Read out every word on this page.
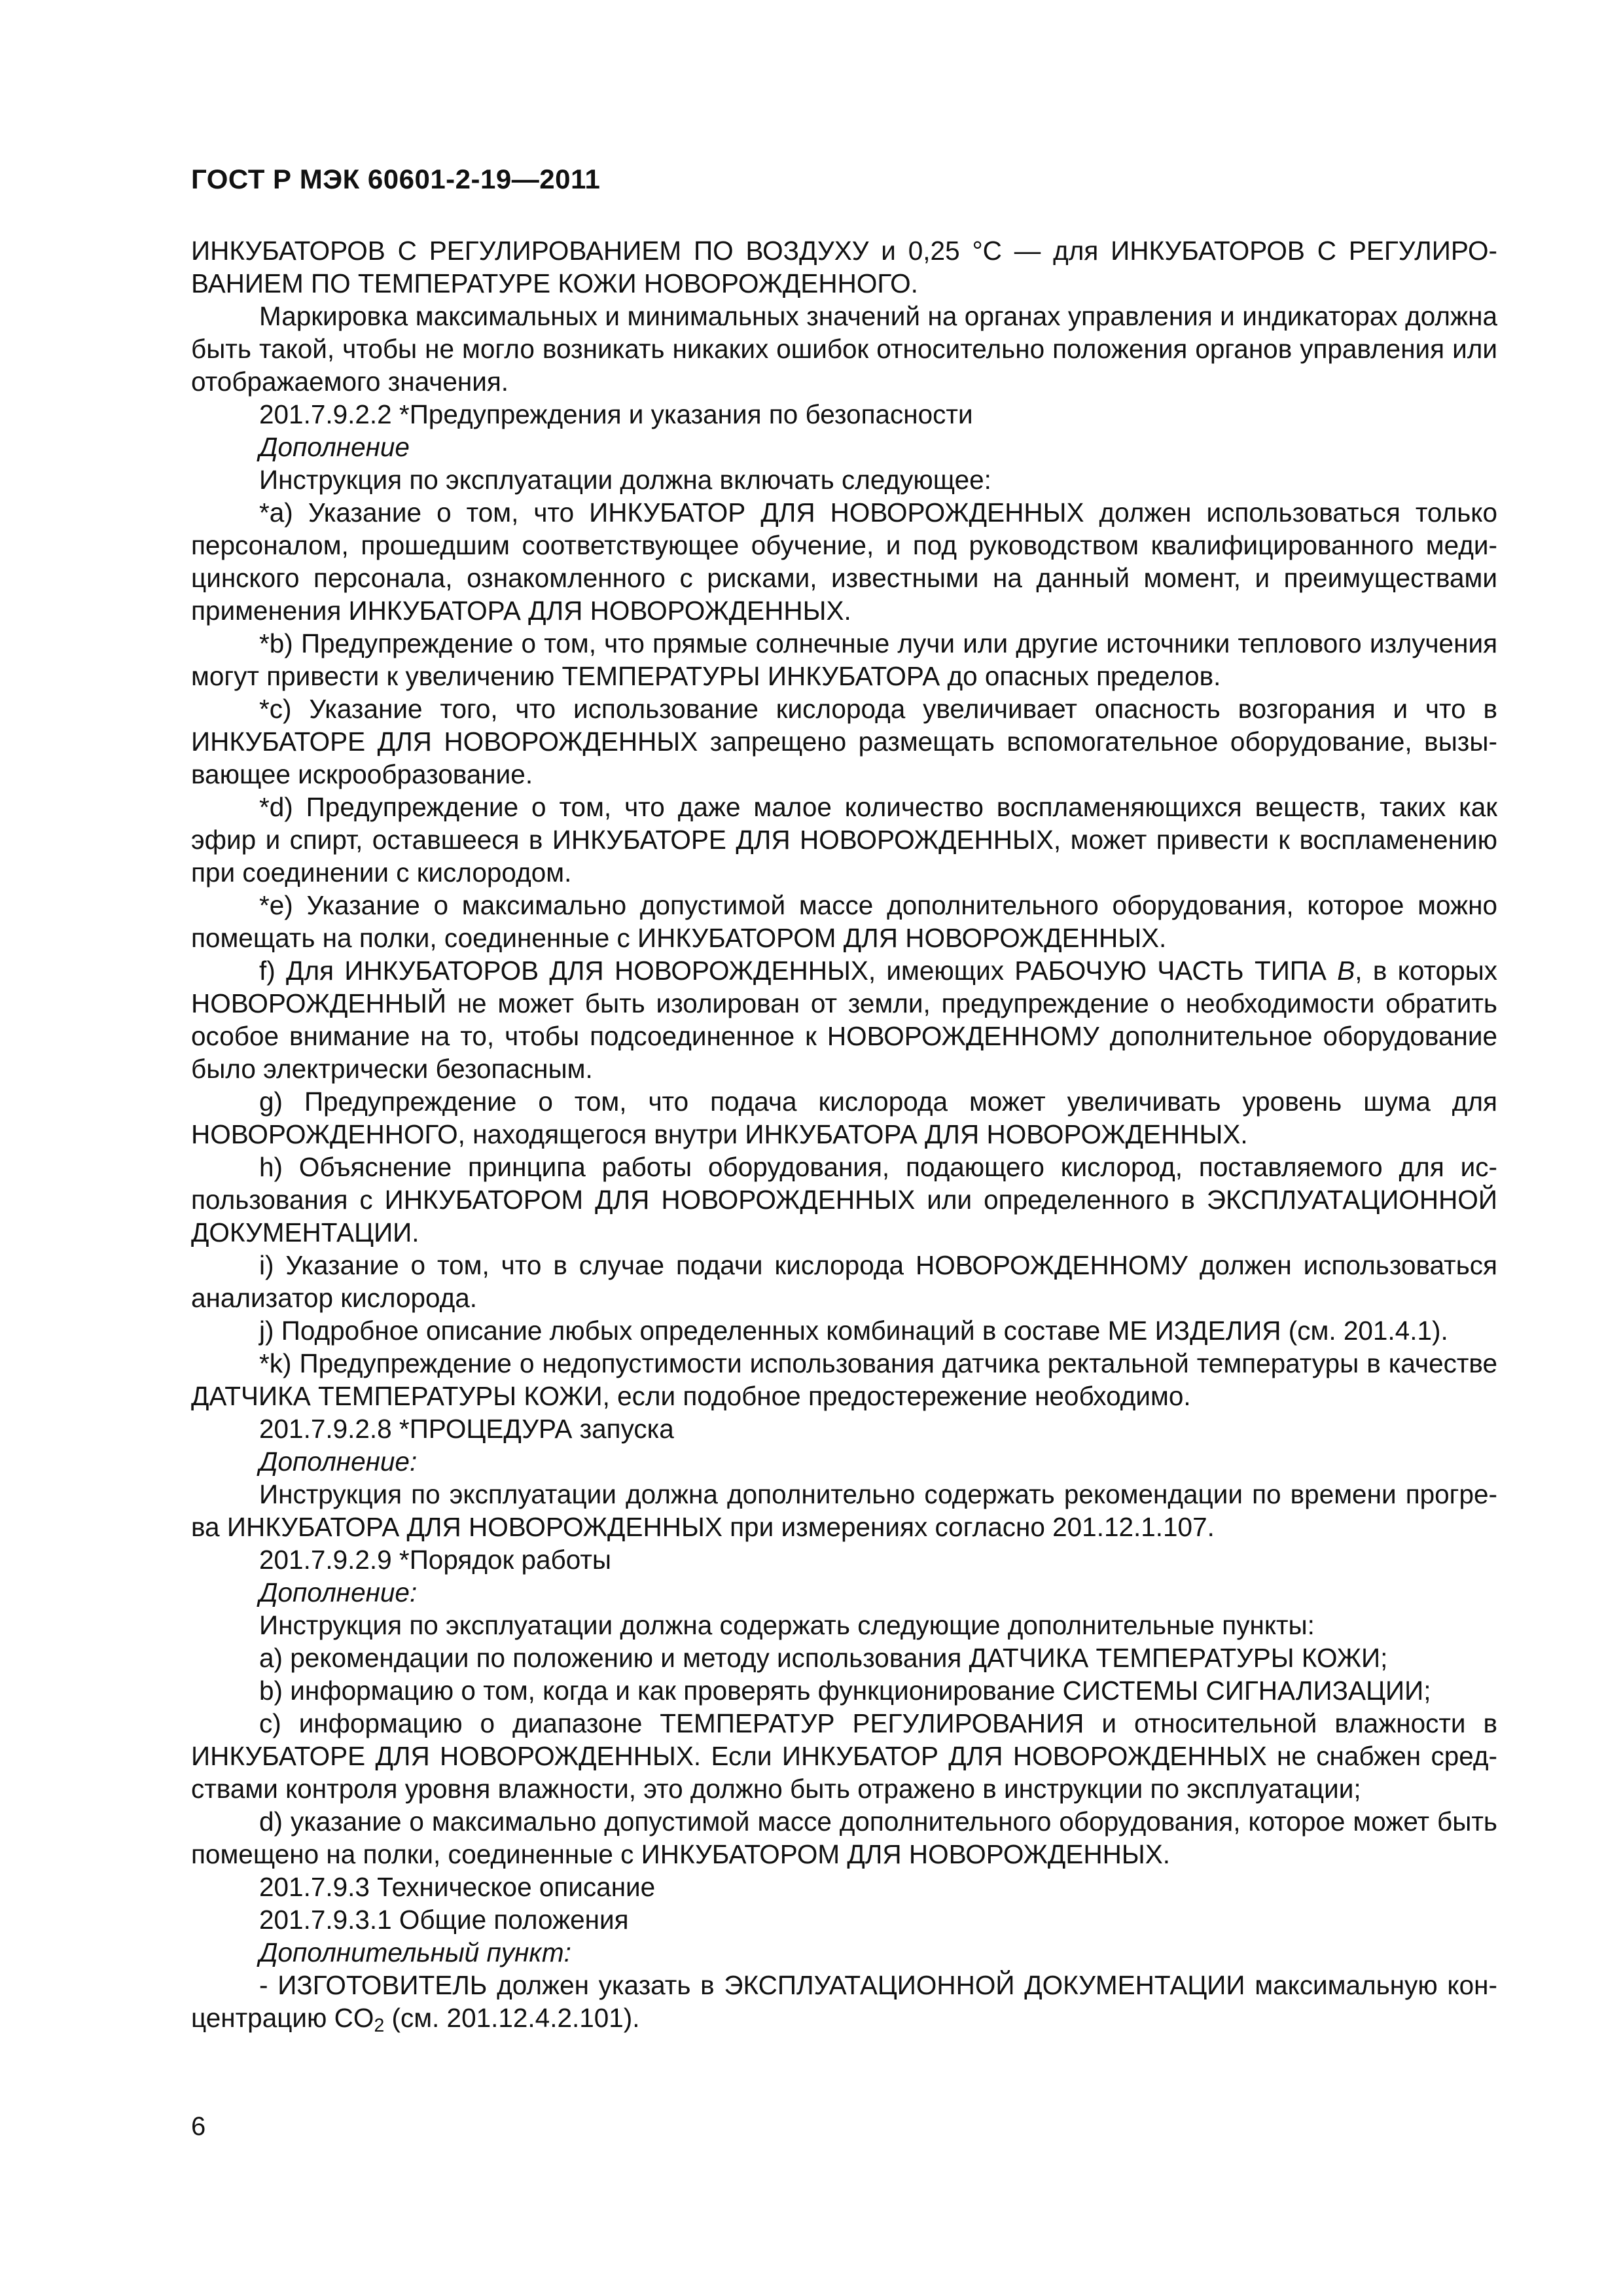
ГОСТ Р МЭК 60601-2-19—2011

ИНКУБАТОРОВ С РЕГУЛИРОВАНИЕМ ПО ВОЗДУХУ и 0,25 °С — для ИНКУБАТОРОВ С РЕГУЛИРОВАНИЕМ ПО ТЕМПЕРАТУРЕ КОЖИ НОВОРОЖДЕННОГО.

Маркировка максимальных и минимальных значений на органах управления и индикаторах должна быть такой, чтобы не могло возникать никаких ошибок относительно положения органов управления или отображаемого значения.

201.7.9.2.2 *Предупреждения и указания по безопасности

Дополнение

Инструкция по эксплуатации должна включать следующее:

*a) Указание о том, что ИНКУБАТОР ДЛЯ НОВОРОЖДЕННЫХ должен использоваться только персоналом, прошедшим соответствующее обучение, и под руководством квалифицированного медицинского персонала, ознакомленного с рисками, известными на данный момент, и преимуществами применения ИНКУБАТОРА ДЛЯ НОВОРОЖДЕННЫХ.

*b) Предупреждение о том, что прямые солнечные лучи или другие источники теплового излучения могут привести к увеличению ТЕМПЕРАТУРЫ ИНКУБАТОРА до опасных пределов.

*c) Указание того, что использование кислорода увеличивает опасность возгорания и что в ИНКУБАТОРЕ ДЛЯ НОВОРОЖДЕННЫХ запрещено размещать вспомогательное оборудование, вызывающее искрообразование.

*d) Предупреждение о том, что даже малое количество воспламеняющихся веществ, таких как эфир и спирт, оставшееся в ИНКУБАТОРЕ ДЛЯ НОВОРОЖДЕННЫХ, может привести к воспламенению при соединении с кислородом.

*e) Указание о максимально допустимой массе дополнительного оборудования, которое можно помещать на полки, соединенные с ИНКУБАТОРОМ ДЛЯ НОВОРОЖДЕННЫХ.

f) Для ИНКУБАТОРОВ ДЛЯ НОВОРОЖДЕННЫХ, имеющих РАБОЧУЮ ЧАСТЬ ТИПА B, в которых НОВОРОЖДЕННЫЙ не может быть изолирован от земли, предупреждение о необходимости обратить особое внимание на то, чтобы подсоединенное к НОВОРОЖДЕННОМУ дополнительное оборудование было электрически безопасным.

g) Предупреждение о том, что подача кислорода может увеличивать уровень шума для НОВОРОЖДЕННОГО, находящегося внутри ИНКУБАТОРА ДЛЯ НОВОРОЖДЕННЫХ.

h) Объяснение принципа работы оборудования, подающего кислород, поставляемого для использования с ИНКУБАТОРОМ ДЛЯ НОВОРОЖДЕННЫХ или определенного в ЭКСПЛУАТАЦИОННОЙ ДОКУМЕНТАЦИИ.

i) Указание о том, что в случае подачи кислорода НОВОРОЖДЕННОМУ должен использоваться анализатор кислорода.

j) Подробное описание любых определенных комбинаций в составе МЕ ИЗДЕЛИЯ (см. 201.4.1).

*k) Предупреждение о недопустимости использования датчика ректальной температуры в качестве ДАТЧИКА ТЕМПЕРАТУРЫ КОЖИ, если подобное предостережение необходимо.

201.7.9.2.8 *ПРОЦЕДУРА запуска

Дополнение:

Инструкция по эксплуатации должна дополнительно содержать рекомендации по времени прогрева ИНКУБАТОРА ДЛЯ НОВОРОЖДЕННЫХ при измерениях согласно 201.12.1.107.

201.7.9.2.9 *Порядок работы

Дополнение:

Инструкция по эксплуатации должна содержать следующие дополнительные пункты:

a) рекомендации по положению и методу использования ДАТЧИКА ТЕМПЕРАТУРЫ КОЖИ;

b) информацию о том, когда и как проверять функционирование СИСТЕМЫ СИГНАЛИЗАЦИИ;

c) информацию о диапазоне ТЕМПЕРАТУР РЕГУЛИРОВАНИЯ и относительной влажности в ИНКУБАТОРЕ ДЛЯ НОВОРОЖДЕННЫХ. Если ИНКУБАТОР ДЛЯ НОВОРОЖДЕННЫХ не снабжен средствами контроля уровня влажности, это должно быть отражено в инструкции по эксплуатации;

d) указание о максимально допустимой массе дополнительного оборудования, которое может быть помещено на полки, соединенные с ИНКУБАТОРОМ ДЛЯ НОВОРОЖДЕННЫХ.

201.7.9.3 Техническое описание

201.7.9.3.1 Общие положения

Дополнительный пункт:

- ИЗГОТОВИТЕЛЬ должен указать в ЭКСПЛУАТАЦИОННОЙ ДОКУМЕНТАЦИИ максимальную концентрацию $CO_2$ (см. 201.12.4.2.101).

6
